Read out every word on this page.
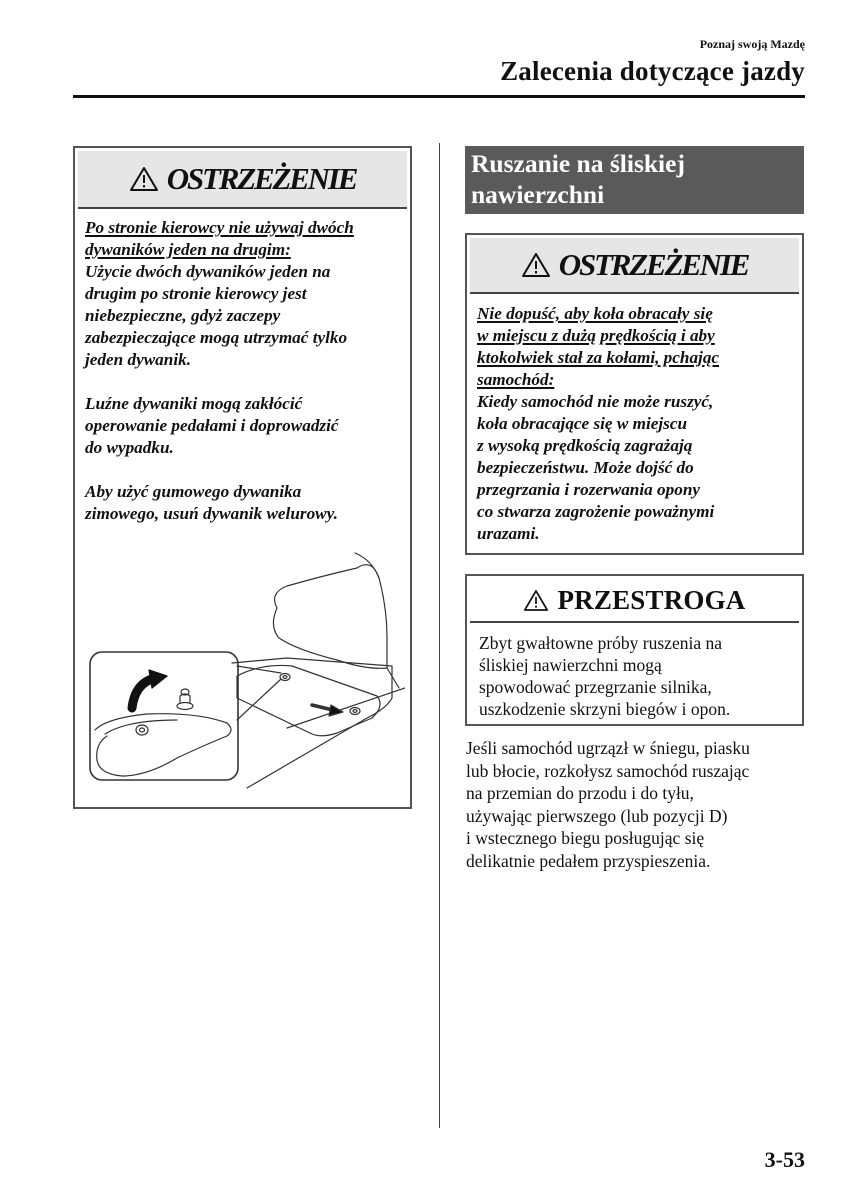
Poznaj swoją Mazdę
Zalecenia dotyczące jazdy
OSTRZEŻENIE

Po stronie kierowcy nie używaj dwóch
dywaników jeden na drugim:
Użycie dwóch dywaników jeden na
drugim po stronie kierowcy jest
niebezpieczne, gdyż zaczepy
zabezpieczające mogą utrzymać tylko
jeden dywanik.

Luźne dywaniki mogą zakłócić
operowanie pedałami i doprowadzić
do wypadku.

Aby użyć gumowego dywanika
zimowego, usuń dywanik welurowy.

Ruszanie na śliskiej
nawierzchni
OSTRZEŻENIE

Nie dopuść, aby koła obracały się
w miejscu z dużą prędkością i aby
ktokolwiek stał za kołami, pchając
samochód:
Kiedy samochód nie może ruszyć,
koła obracające się w miejscu
z wysoką prędkością zagrażają
bezpieczeństwu. Może dojść do
przegrzania i rozerwania opony
co stwarza zagrożenie poważnymi
urazami.

PRZESTROGA
Zbyt gwałtowne próby ruszenia na
śliskiej nawierzchni mogą
spowodować przegrzanie silnika,
uszkodzenie skrzyni biegów i opon.
Jeśli samochód ugrzązł w śniegu, piasku
lub błocie, rozkołysz samochód ruszając
na przemian do przodu i do tyłu,
używając pierwszego (lub pozycji D)
i wstecznego biegu posługując się
delikatnie pedałem przyspieszenia.
3-53
